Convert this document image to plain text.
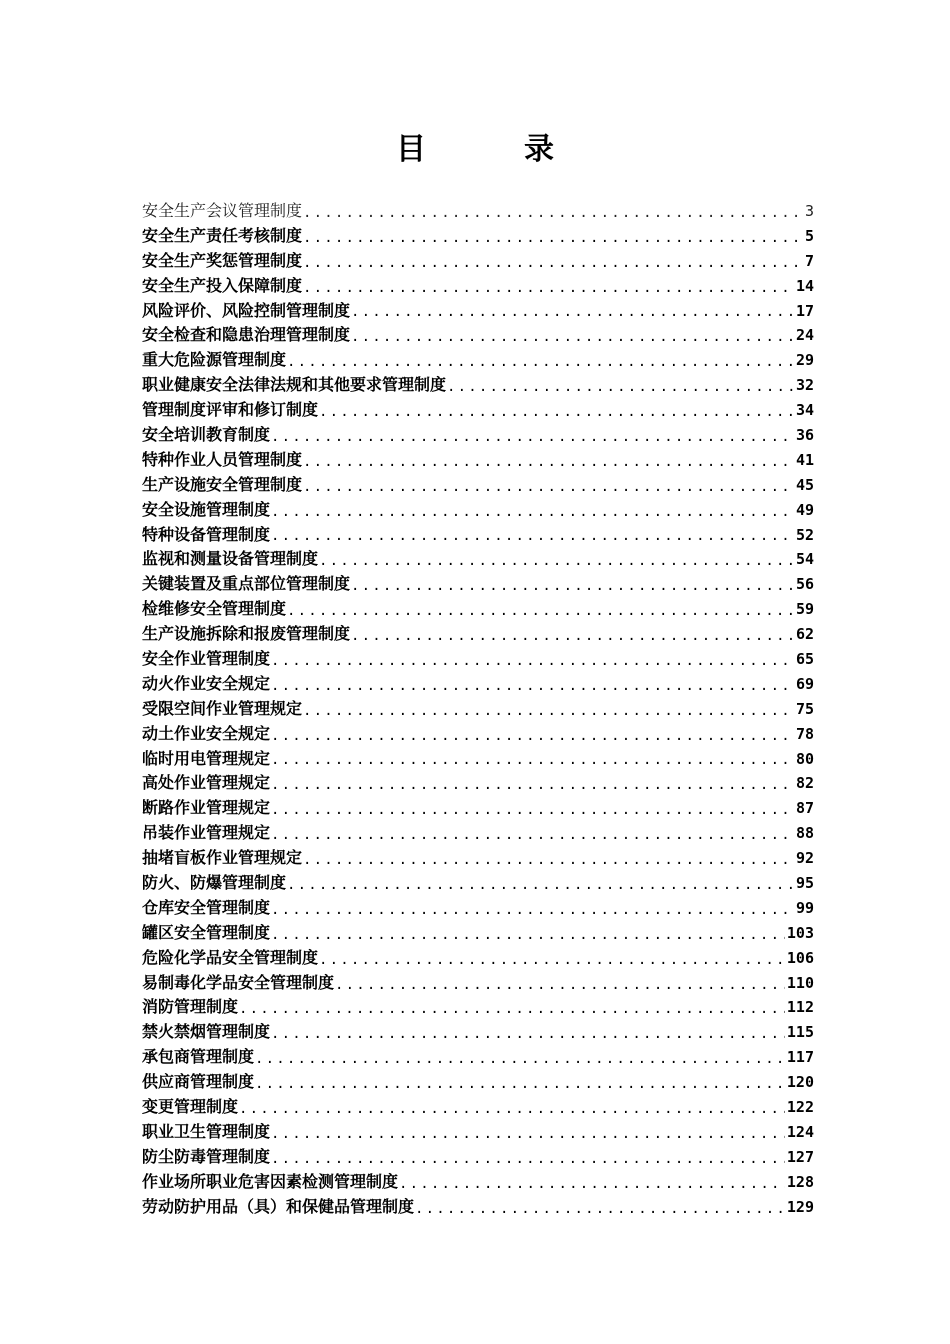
目　录
安全生产会议管理制度 .....	3
安全生产责任考核制度 .....	5
安全生产奖惩管理制度 .....	7
安全生产投入保障制度 .....	14
风险评价、风险控制管理制度 .....	17
安全检查和隐患治理管理制度 .....	24
重大危险源管理制度 .....	29
职业健康安全法律法规和其他要求管理制度 .....	32
管理制度评审和修订制度 .....	34
安全培训教育制度 .....	36
特种作业人员管理制度 .....	41
生产设施安全管理制度 .....	45
安全设施管理制度 .....	49
特种设备管理制度 .....	52
监视和测量设备管理制度 .....	54
关键装置及重点部位管理制度 .....	56
检维修安全管理制度 .....	59
生产设施拆除和报废管理制度 .....	62
安全作业管理制度 .....	65
动火作业安全规定 .....	69
受限空间作业管理规定 .....	75
动土作业安全规定 .....	78
临时用电管理规定 .....	80
高处作业管理规定 .....	82
断路作业管理规定 .....	87
吊装作业管理规定 .....	88
抽堵盲板作业管理规定 .....	92
防火、防爆管理制度 .....	95
仓库安全管理制度 .....	99
罐区安全管理制度 .....	103
危险化学品安全管理制度 .....	106
易制毒化学品安全管理制度 .....	110
消防管理制度 .....	112
禁火禁烟管理制度 .....	115
承包商管理制度 .....	117
供应商管理制度 .....	120
变更管理制度 .....	122
职业卫生管理制度 .....	124
防尘防毒管理制度 .....	127
作业场所职业危害因素检测管理制度 .....	128
劳动防护用品（具）和保健品管理制度 .....	129
